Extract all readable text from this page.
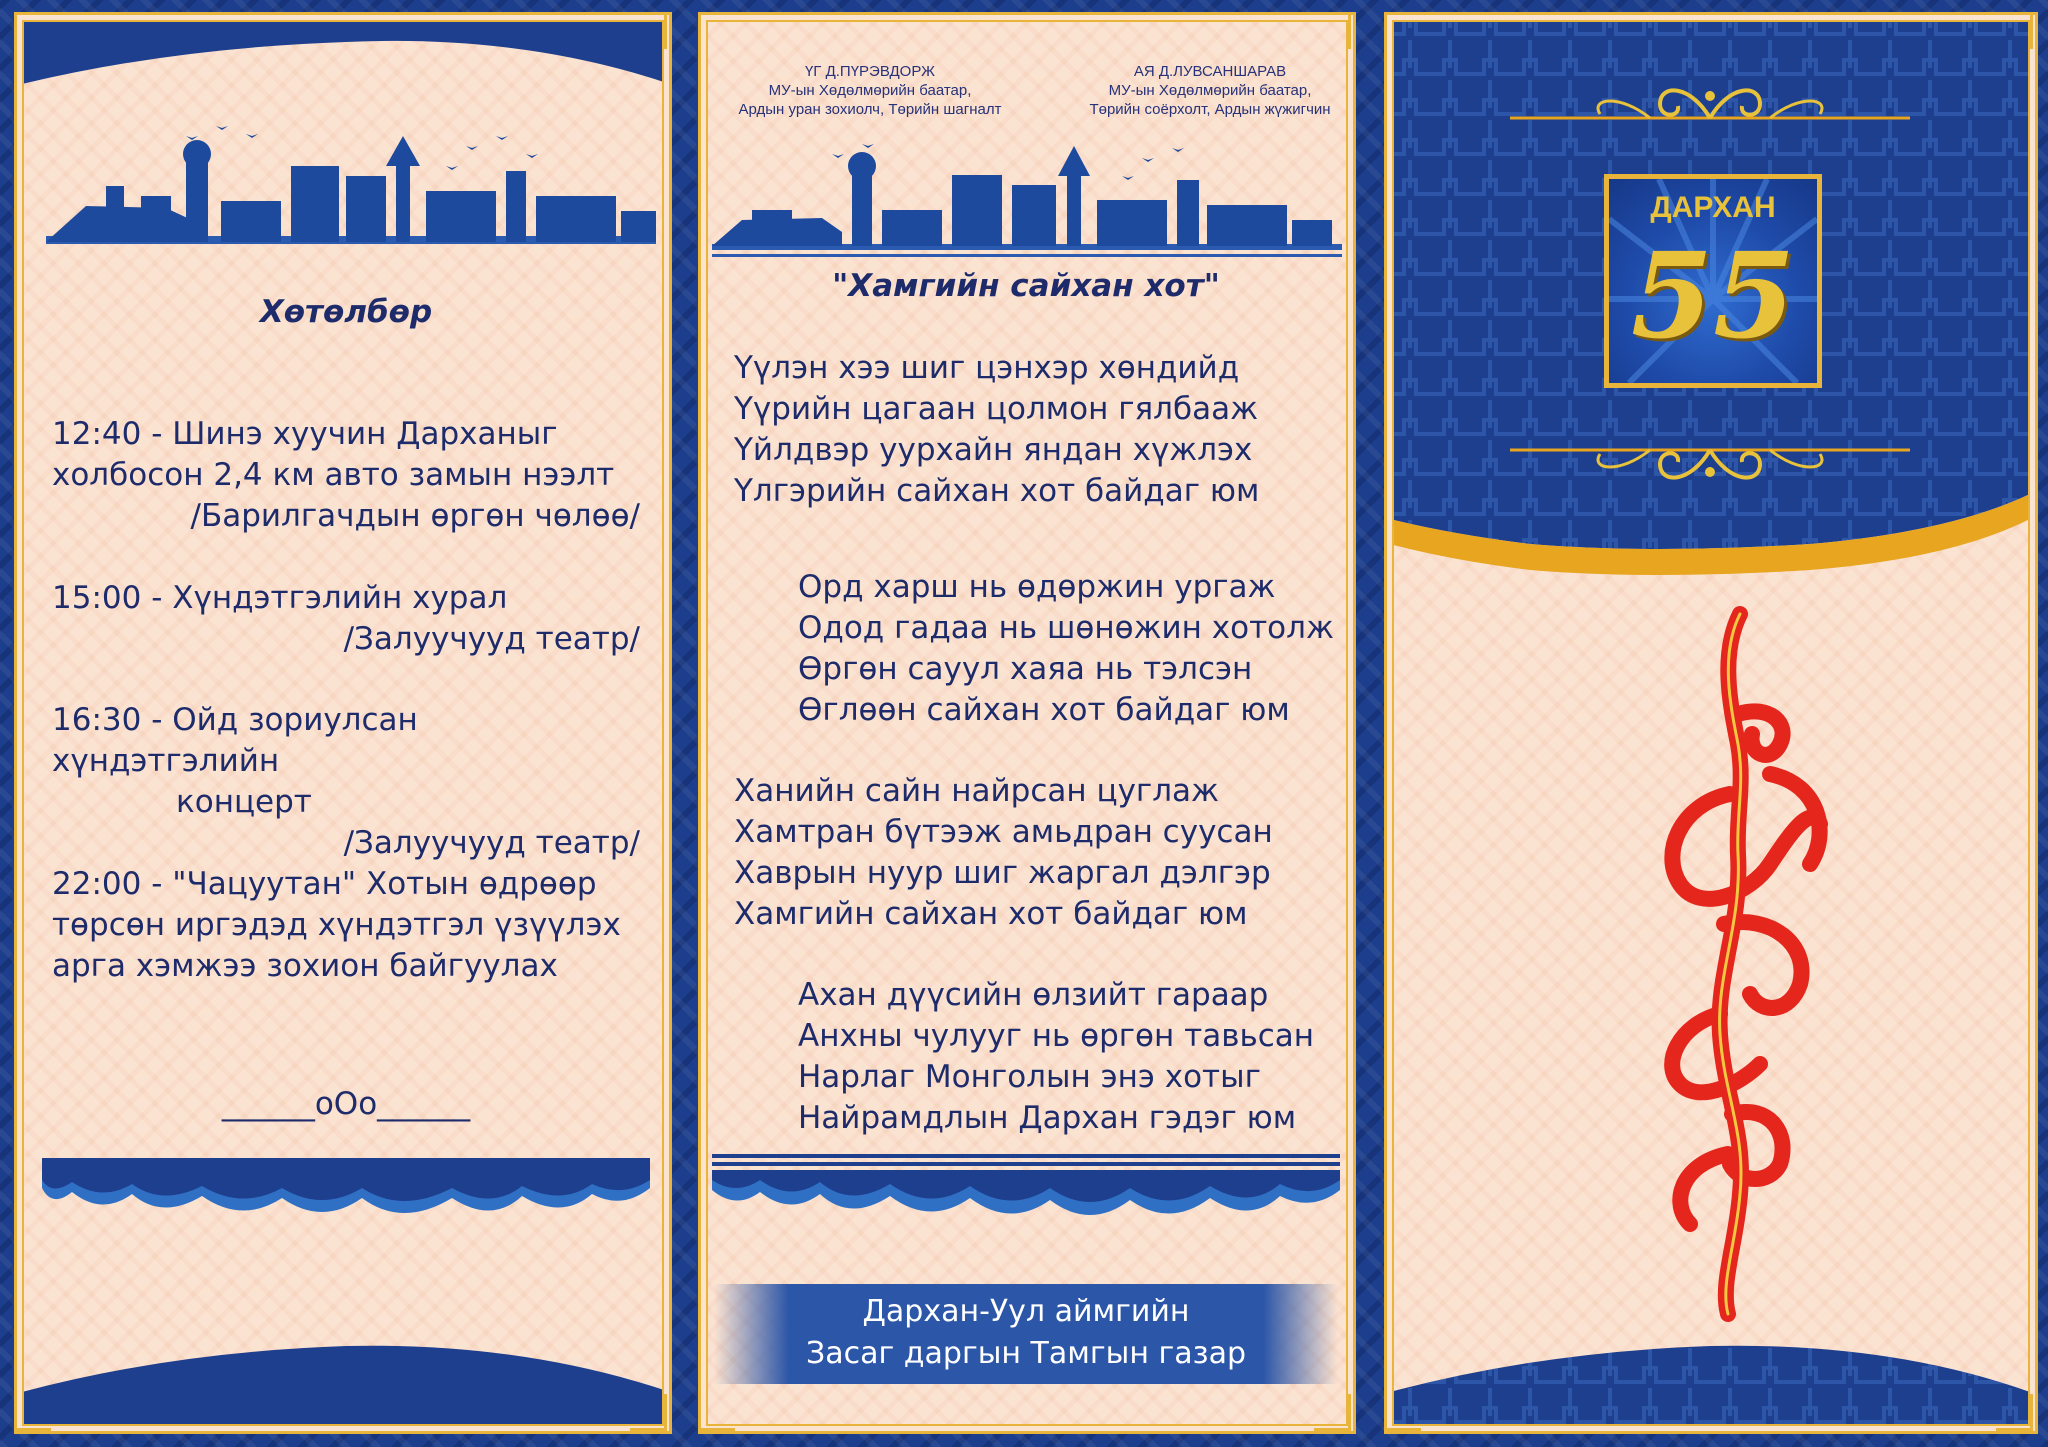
Хөтөлбөр
12:40 - Шинэ хуучин Дарханыг
холбосон 2,4 км авто замын нээлт
/Барилгачдын өргөн чөлөө/
15:00 - Хүндэтгэлийн хурал
/Залуучууд театр/
16:30 - Ойд зориулсан хүндэтгэлийн
концерт
/Залуучууд театр/
22:00 - "Чацуутан" Хотын өдрөөр
төрсөн иргэдэд хүндэтгэл үзүүлэх
арга хэмжээ зохион байгуулах
______оОо______
ҮГ Д.ПҮРЭВДОРЖ
МУ-ын Хөдөлмөрийн баатар,
Ардын уран зохиолч, Төрийн шагналт
АЯ Д.ЛУВСАНШАРАВ
МУ-ын Хөдөлмөрийн баатар,
Төрийн соёрхолт, Ардын жүжигчин
"Хамгийн сайхан хот"
Үүлэн хээ шиг цэнхэр хөндийд
Үүрийн цагаан цолмон гялбааж
Үйлдвэр уурхайн яндан хүжлэх
Үлгэрийн сайхан хот байдаг юм
Орд харш нь өдөржин ургаж
Одод гадаа нь шөнөжин хотолж
Өргөн сауул хаяа нь тэлсэн
Өглөөн сайхан хот байдаг юм
Ханийн сайн найрсан цуглаж
Хамтран бүтээж амьдран суусан
Хаврын нуур шиг жаргал дэлгэр
Хамгийн сайхан хот байдаг юм
Ахан дүүсийн өлзийт гараар
Анхны чулууг нь өргөн тавьсан
Нарлаг Монголын энэ хотыг
Найрамдлын Дархан гэдэг юм
Дархан-Уул аймгийн
Засаг даргын Тамгын газар
ДАРХАН
55
